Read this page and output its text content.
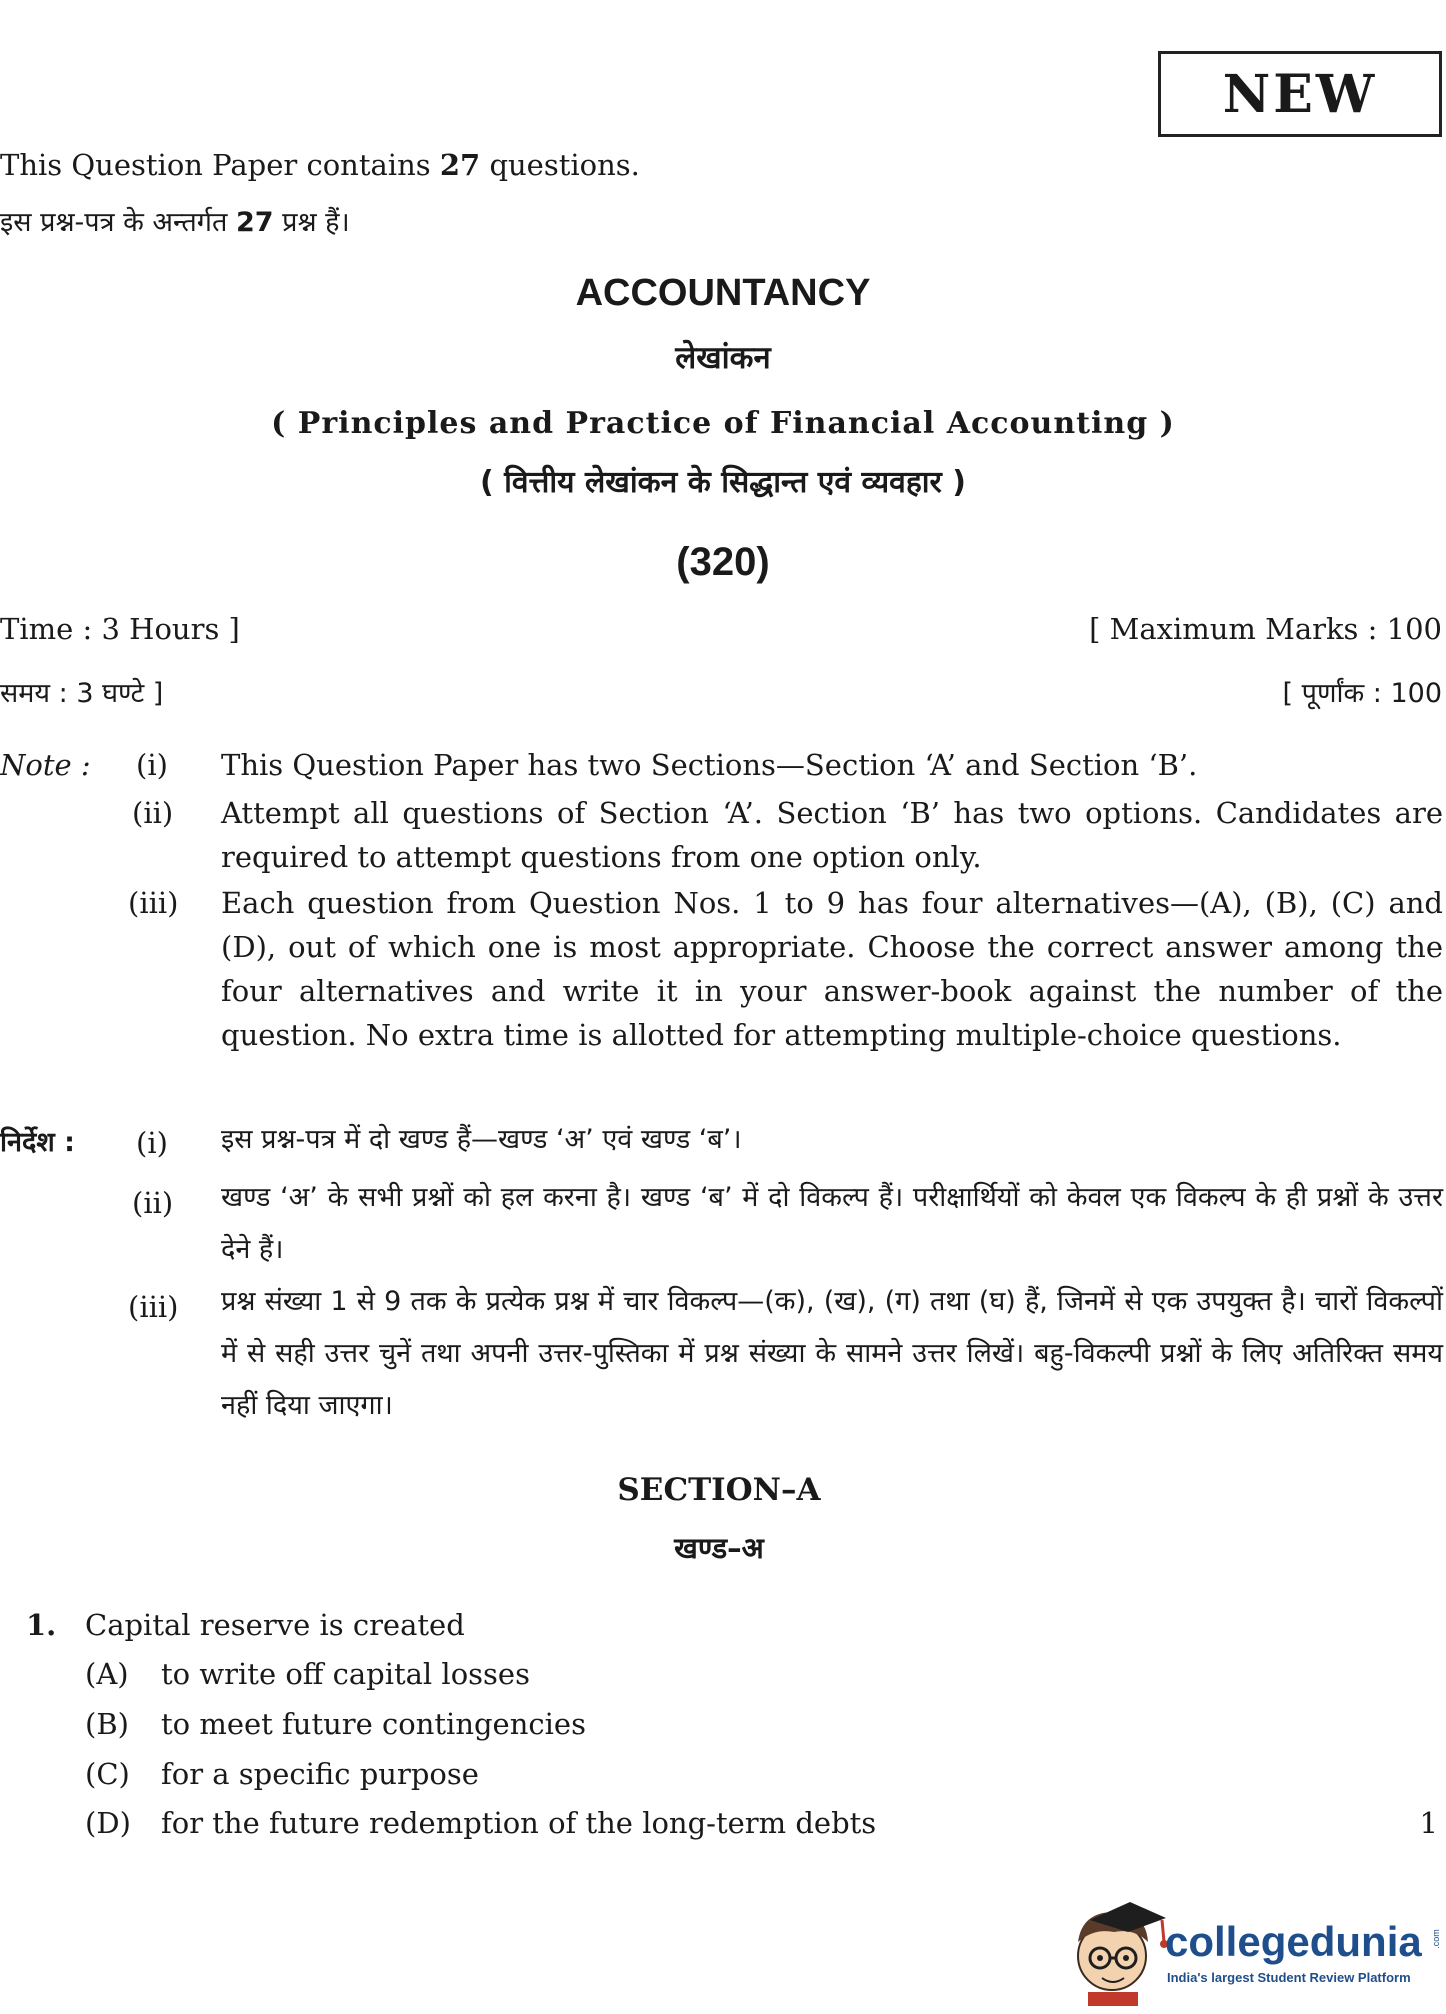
NEW
This Question Paper contains 27 questions.
इस प्रश्न-पत्र के अन्तर्गत 27 प्रश्न हैं।
ACCOUNTANCY
लेखांकन
( Principles and Practice of Financial Accounting )
( वित्तीय लेखांकन के सिद्धान्त एवं व्यवहार )
(320)
Time : 3 Hours ]	[ Maximum Marks : 100
समय : 3 घण्टे ]	[ पूर्णांक : 100
Note : (i) This Question Paper has two Sections—Section ‘A’ and Section ‘B’.
(ii) Attempt all questions of Section ‘A’. Section ‘B’ has two options. Candidates are required to attempt questions from one option only.
(iii) Each question from Question Nos. 1 to 9 has four alternatives—(A), (B), (C) and (D), out of which one is most appropriate. Choose the correct answer among the four alternatives and write it in your answer-book against the number of the question. No extra time is allotted for attempting multiple-choice questions.
निर्देश : (i) इस प्रश्न-पत्र में दो खण्ड हैं—खण्ड ‘अ’ एवं खण्ड ‘ब’।
(ii) खण्ड ‘अ’ के सभी प्रश्नों को हल करना है। खण्ड ‘ब’ में दो विकल्प हैं। परीक्षार्थियों को केवल एक विकल्प के ही प्रश्नों के उत्तर देने हैं।
(iii) प्रश्न संख्या 1 से 9 तक के प्रत्येक प्रश्न में चार विकल्प—(क), (ख), (ग) तथा (घ) हैं, जिनमें से एक उपयुक्त है। चारों विकल्पों में से सही उत्तर चुनें तथा अपनी उत्तर-पुस्तिका में प्रश्न संख्या के सामने उत्तर लिखें। बहु-विकल्पी प्रश्नों के लिए अतिरिक्त समय नहीं दिया जाएगा।
SECTION–A
खण्ड–अ
1. Capital reserve is created
(A) to write off capital losses
(B) to meet future contingencies
(C) for a specific purpose
(D) for the future redemption of the long-term debts	1
collegedunia .com
India's largest Student Review Platform
